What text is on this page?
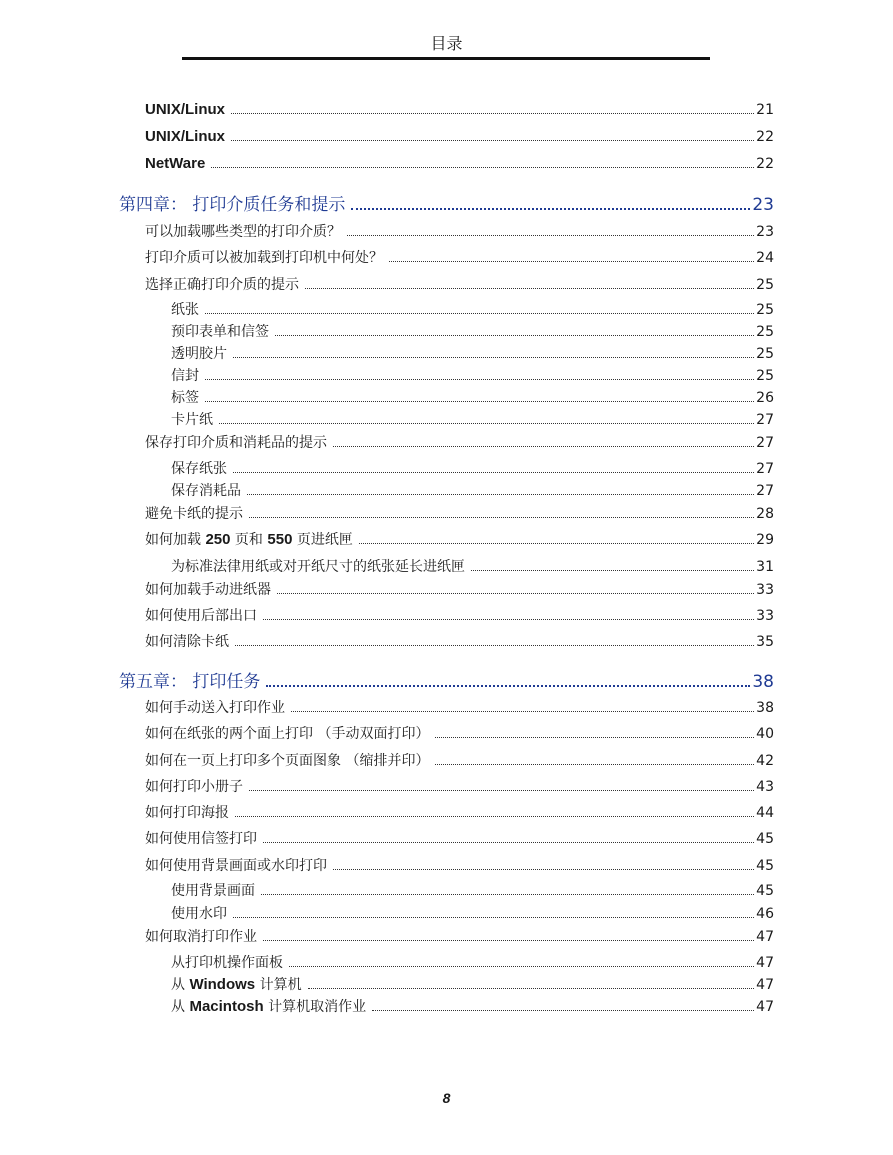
目录
UNIX/Linux	21
UNIX/Linux	22
NetWare	22
第四章： 打印介质任务和提示	23
可以加载哪些类型的打印介质？	23
打印介质可以被加载到打印机中何处？	24
选择正确打印介质的提示	25
纸张	25
预印表单和信签	25
透明胶片	25
信封	25
标签	26
卡片纸	27
保存打印介质和消耗品的提示	27
保存纸张	27
保存消耗品	27
避免卡纸的提示	28
如何加载 250 页和 550 页进纸匣	29
为标准法律用纸或对开纸尺寸的纸张延长进纸匣	31
如何加载手动进纸器	33
如何使用后部出口	33
如何清除卡纸	35
第五章： 打印任务	38
如何手动送入打印作业	38
如何在纸张的两个面上打印 （手动双面打印）	40
如何在一页上打印多个页面图象 （缩排并印）	42
如何打印小册子	43
如何打印海报	44
如何使用信签打印	45
如何使用背景画面或水印打印	45
使用背景画面	45
使用水印	46
如何取消打印作业	47
从打印机操作面板	47
从 Windows 计算机	47
从 Macintosh 计算机取消作业	47
8
